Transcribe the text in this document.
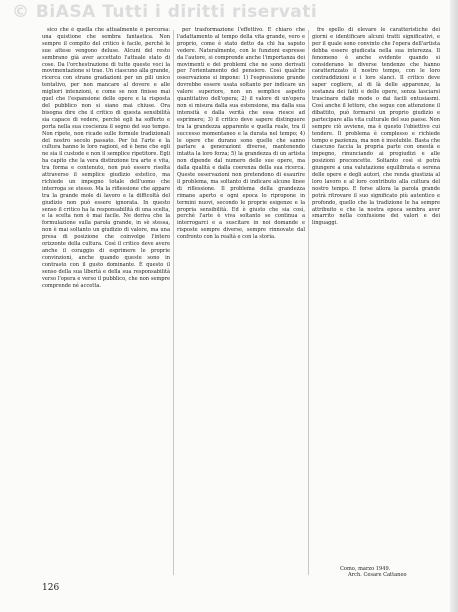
© BiASA Tutti i diritti riservati

sico che è quella che attualmente è percorsa: una quistione che sembra fantastica. Non sempre il compito del critico è facile, perchè le sue attese vengono deluse. Alcuni del resto sembrano già aver accettato l'attuale stato di cose. Da l'orchestrazione di tutte queste voci la movimentazione si trae. Un ciascuno alla grande, ricerca con strane gradazioni per un pili unico tentativo, per non mancare al dovere e alle migliori intenzioni, e come se non finisse mai quel che l'espansione delle opere e la risposta del pubblico non si siano mai chiuse. Ora bisogna dire che il critico di questa sensibilità sia capace di vedere, perchè egli ha sofferto e porta nella sua coscienza il segno del suo tempo. Non ripete, non ricade sulle formule tradizionali del nostro secolo passato. Per lui l'arte e la cultura hanno le loro ragioni, ed è bene che egli ne sia il custode e non il semplice ripetitore. Egli ha capito che la vera distinzione tra arte e vita, tra forma e contenuto, non può essere risolta attraverso il semplice giudizio estetico, ma richiede un impegno totale dell'uomo che interroga se stesso. Ma la riflessione che appare tra la grande mole di lavoro e la difficoltà del giudizio non può essere ignorata. In questo senso il critico ha la responsabilità di una scelta, e la scelta non è mai facile. Ne deriva che la formulazione sulla parola grande, in sè stessa, non è mai soltanto un giudizio di valore, ma una presa di posizione che coinvolge l'intero orizzonte della cultura. Così il critico deve avere anche il coraggio di esprimere le proprie convinzioni, anche quando queste sono in contrasto con il gusto dominante. È questo il senso della sua libertà e della sua responsabilità verso l'opera e verso il pubblico, che non sempre comprende né accetta.

per trasformazione l'effettivo. È chiaro che l'adattamento al tempo della vita grande, vero e proprio, come è stato detto da chi ha saputo vedere. Naturalmente, con le funzioni espresse da l'autore, si comprende anche l'importanza dei movimenti e dei problemi che ne sono derivati per l'orientamento del pensiero. Così qualche osservazione si impone: 1) l'espressione grande dovrebbe essere usata soltanto per indicare un valore superiore, non un semplice aspetto quantitativo dell'opera; 2) il valore di un'opera non si misura dalla sua estensione, ma dalla sua intensità e dalla verità che essa riesce ad esprimere; 3) il critico deve sapere distinguere tra la grandezza apparente e quella reale, tra il successo momentaneo e la durata nel tempo; 4) le opere che durano sono quelle che sanno parlare a generazioni diverse, mantenendo intatta la loro forza; 5) la grandezza di un artista non dipende dal numero delle sue opere, ma dalla qualità e dalla coerenza della sua ricerca. Queste osservazioni non pretendono di esaurire il problema, ma soltanto di indicare alcune linee di riflessione. Il problema della grandezza rimane aperto e ogni epoca lo ripropone in termini nuovi, secondo le proprie esigenze e la propria sensibilità. Ed è giusto che sia così, perchè l'arte è viva soltanto se continua a interrogarci e a suscitare in noi domande e risposte sempre diverse, sempre rinnovate dal confronto con la realtà e con la storia.

fre spello di elevare le caratteristiche dei giorni e identificare alcuni tratti significativi, e per il quale sono convinto che l'opera dell'artista debba essere giudicata nella sua interezza. Il fenomeno è anche evidente quando si considerano le diverse tendenze che hanno caratterizzato il nostro tempo, con le loro contraddizioni e i loro slanci. Il critico deve saper cogliere, al di là delle apparenze, la sostanza dei fatti e delle opere, senza lasciarsi trascinare dalle mode o dai facili entusiasmi. Così anche il lettore, che segue con attenzione il dibattito, può formarsi un proprio giudizio e partecipare alla vita culturale del suo paese. Non sempre ciò avviene, ma è questo l'obiettivo cui tendere. Il problema è complesso e richiede tempo e pazienza, ma non è insolubile. Basta che ciascuno faccia la propria parte con onestà e impegno, rinunciando ai pregiudizi e alle posizioni preconcette. Soltanto così si potrà giungere a una valutazione equilibrata e serena delle opere e degli autori, che renda giustizia al loro lavoro e al loro contributo alla cultura del nostro tempo. E forse allora la parola grande potrà ritrovare il suo significato più autentico e profondo, quello che la tradizione le ha sempre attribuito e che la nostra epoca sembra aver smarrito nella confusione dei valori e dei linguaggi.

Como, marzo 1949.
Arch. Cesare Cattaneo
126
